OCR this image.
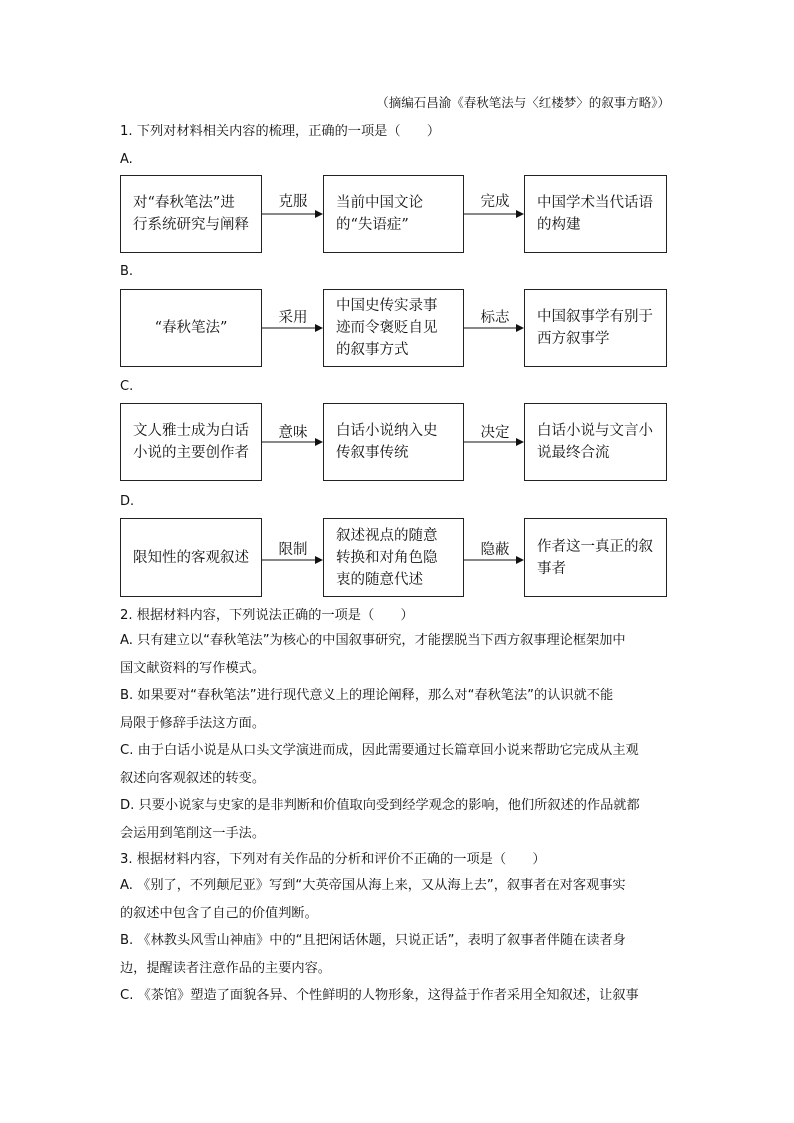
（摘编石昌渝《春秋笔法与〈红楼梦〉的叙事方略》）
1. 下列对材料相关内容的梳理，正确的一项是（　　）
A.
对“春秋笔法”进行系统研究与阐释
克服	当前中国文论的“失语症”
完成	中国学术当代话语的构建
B.
“春秋笔法”
采用
中国史传实录事迹而令褒贬自见的叙事方式
标志	中国叙事学有别于西方叙事学
C.
文人雅士成为白话小说的主要创作者
意味	白话小说纳入史传叙事传统
决定	白话小说与文言小说最终合流
D.
限知性的客观叙述	限制
叙述视点的随意转换和对角色隐衷的随意代述
隐蔽	作者这一真正的叙事者
2. 根据材料内容，下列说法正确的一项是（　　）
A. 只有建立以“春秋笔法”为核心的中国叙事研究，才能摆脱当下西方叙事理论框架加中
国文献资料的写作模式。
B. 如果要对“春秋笔法”进行现代意义上的理论阐释，那么对“春秋笔法”的认识就不能
局限于修辞手法这方面。
C. 由于白话小说是从口头文学演进而成，因此需要通过长篇章回小说来帮助它完成从主观
叙述向客观叙述的转变。
D. 只要小说家与史家的是非判断和价值取向受到经学观念的影响，他们所叙述的作品就都
会运用到笔削这一手法。
3. 根据材料内容，下列对有关作品的分析和评价不正确的一项是（　　）
A. 《别了，不列颠尼亚》写到“大英帝国从海上来，又从海上去”，叙事者在对客观事实
的叙述中包含了自己的价值判断。
B. 《林教头风雪山神庙》中的“且把闲话休题，只说正话”，表明了叙事者伴随在读者身
边，提醒读者注意作品的主要内容。
C. 《茶馆》塑造了面貌各异、个性鲜明的人物形象，这得益于作者采用全知叙述，让叙事
